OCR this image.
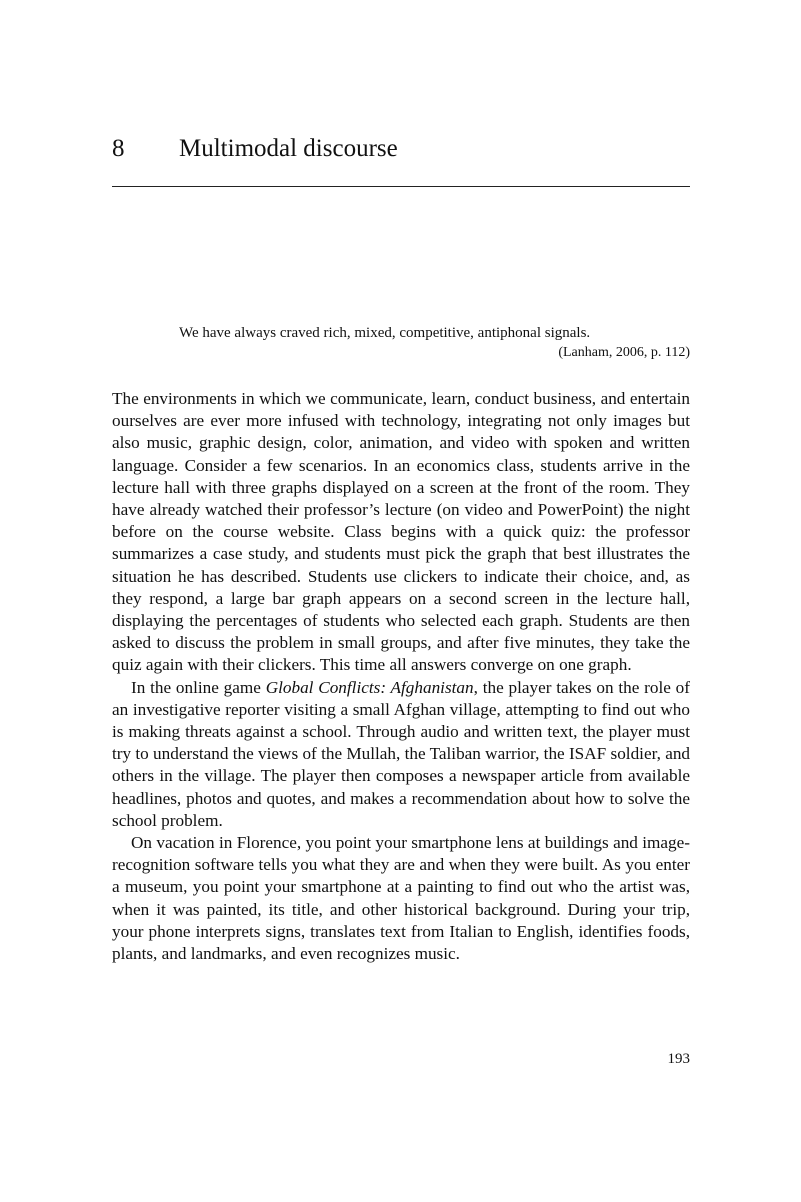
8 Multimodal discourse
We have always craved rich, mixed, competitive, antiphonal signals.
(Lanham, 2006, p. 112)

The environments in which we communicate, learn, conduct business, and entertain ourselves are ever more infused with technology, integrating not only images but also music, graphic design, color, animation, and video with spoken and written language. Consider a few scenarios. In an economics class, students arrive in the lecture hall with three graphs displayed on a screen at the front of the room. They have already watched their professor’s lecture (on video and PowerPoint) the night before on the course website. Class begins with a quick quiz: the professor summarizes a case study, and students must pick the graph that best illustrates the situation he has described. Students use clickers to indicate their choice, and, as they respond, a large bar graph appears on a second screen in the lecture hall, displaying the percentages of students who selected each graph. Students are then asked to discuss the problem in small groups, and after five minutes, they take the quiz again with their clickers. This time all answers converge on one graph.

In the online game Global Conflicts: Afghanistan, the player takes on the role of an investigative reporter visiting a small Afghan village, attempting to find out who is making threats against a school. Through audio and written text, the player must try to understand the views of the Mullah, the Taliban warrior, the ISAF soldier, and others in the village. The player then composes a newspaper article from available headlines, photos and quotes, and makes a recommendation about how to solve the school problem.

On vacation in Florence, you point your smartphone lens at buildings and image-recognition software tells you what they are and when they were built. As you enter a museum, you point your smartphone at a painting to find out who the artist was, when it was painted, its title, and other historical background. During your trip, your phone interprets signs, translates text from Italian to English, identifies foods, plants, and landmarks, and even recognizes music.

193
